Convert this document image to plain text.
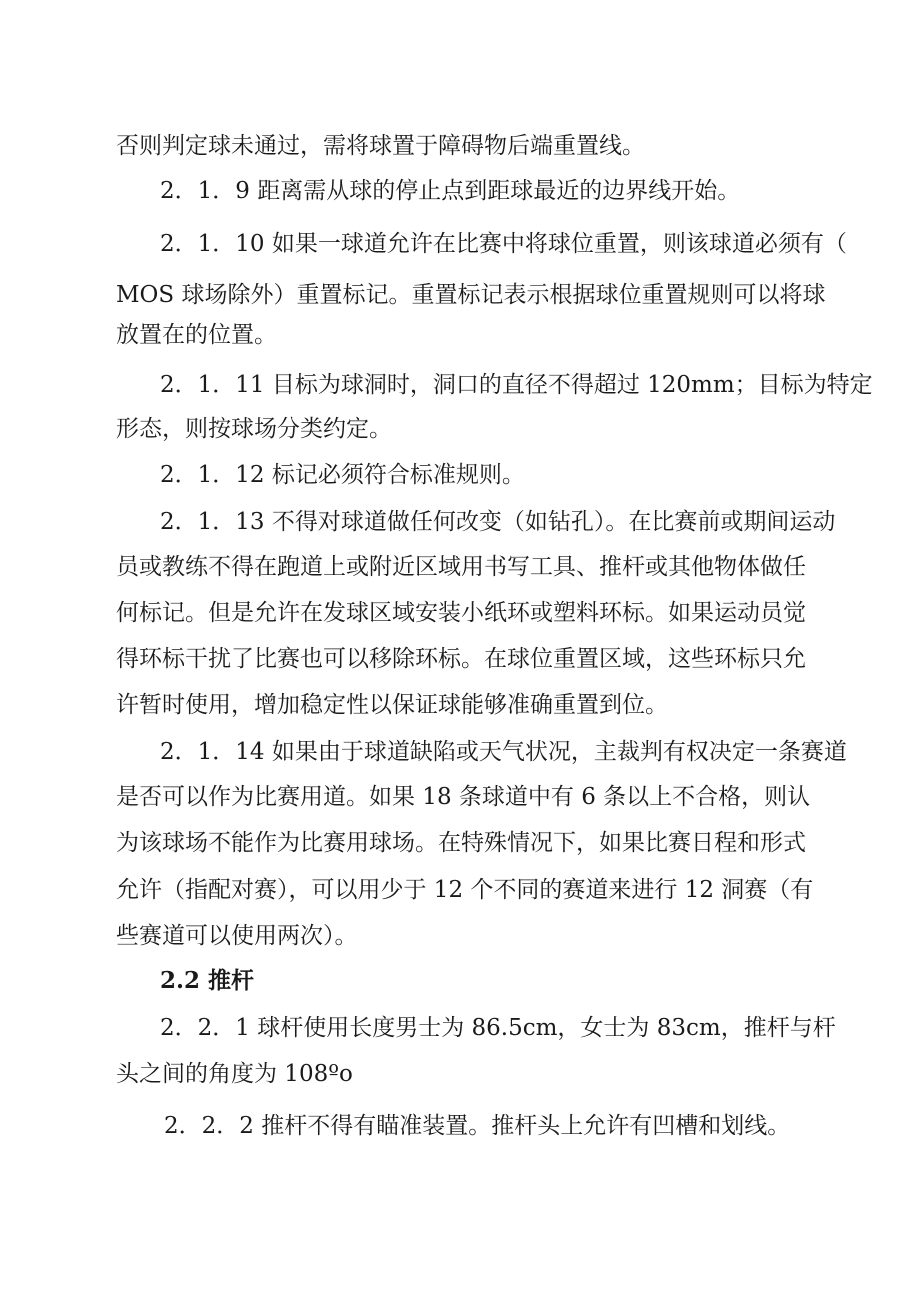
否则判定球未通过，需将球置于障碍物后端重置线。
2．1．9 距离需从球的停止点到距球最近的边界线开始。
2．1．10 如果一球道允许在比赛中将球位重置，则该球道必须有（
MOS 球场除外）重置标记。重置标记表示根据球位重置规则可以将球
放置在的位置。
2．1．11 目标为球洞时，洞口的直径不得超过 120mm；目标为特定
形态，则按球场分类约定。
2．1．12 标记必须符合标准规则。
2．1．13 不得对球道做任何改变（如钻孔）。在比赛前或期间运动
员或教练不得在跑道上或附近区域用书写工具、推杆或其他物体做任
何标记。但是允许在发球区域安装小纸环或塑料环标。如果运动员觉
得环标干扰了比赛也可以移除环标。在球位重置区域，这些环标只允
许暂时使用，增加稳定性以保证球能够准确重置到位。
2．1．14 如果由于球道缺陷或天气状况，主裁判有权决定一条赛道
是否可以作为比赛用道。如果 18 条球道中有 6 条以上不合格，则认
为该球场不能作为比赛用球场。在特殊情况下，如果比赛日程和形式
允许（指配对赛），可以用少于 12 个不同的赛道来进行 12 洞赛（有
些赛道可以使用两次）。
2.2 推杆
2．2．1 球杆使用长度男士为 86.5cm，女士为 83cm，推杆与杆
头之间的角度为 108ºo
2．2．2 推杆不得有瞄准装置。推杆头上允许有凹槽和划线。
